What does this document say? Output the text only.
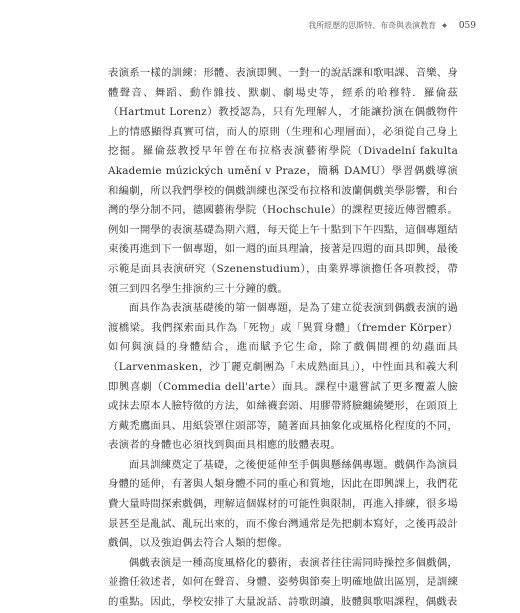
我所經歷的思斯特、布奇與表演教育 ◆ 059

表演系一樣的訓練：形體、表演即興、一對一的說話課和歌唱課、音樂、身體聲音、舞蹈、動作雜技、默劇、劇場史等，經系的哈穆特．羅倫茲（Hartmut Lorenz）教授認為，只有先理解人，才能讓扮演在偶戲物件上的情感顯得真實可信，而人的原則（生理和心理層面），必須從自己身上挖掘。羅倫茲教授早年曾在布拉格表演藝術學院（Divadelní fakulta Akademie múzických umění v Praze，簡稱 DAMU）學習偶戲導演和編劇，所以我們學校的偶戲訓練也深受布拉格和波蘭偶戲美學影響，和台灣的學分制不同，德國藝術學院（Hochschule）的課程更接近傳習體系。例如一開學的表演基礎為期六週，每天從上午十點到下午四點，這個專題結束後再進到下一個專題，如一週的面具理論，接著是四週的面具即興，最後示範是面具表演研究（Szenenstudium），由業界導演擔任各項教授，帶領三到四名學生排演約三十分鐘的戲。

面具作為表演基礎後的第一個專題，是為了建立從表演到偶戲表演的過渡橋梁。我們探索面具作為「死物」或「異質身體」（fremder Körper）如何與演員的身體結合，進而賦予它生命，除了戲偶間裡的幼蟲面具（Larvenmasken，沙丁麗克劇團為「未成熟面具」），中性面具和義大利即興喜劇（Commedia dell'arte）面具。課程中還嘗試了更多覆蓋人臉或抹去原本人臉特徵的方法，如絲襪套頭、用膠帶將臉纏繞變形，在頭頂上方戴禿鷹面具、用紙袋罩住頭部等，隨著面具抽象化或風格化程度的不同，表演者的身體也必須找到與面具相應的肢體表現。

面具訓練奠定了基礎，之後便延伸至手偶與懸絲偶專題。戲偶作為演員身體的延伸，有著與人類身體不同的重心和質地，因此在即興課上，我們花費大量時間探索戲偶，理解這個媒材的可能性與限制，再進入排練，很多場景甚至是亂試、亂玩出來的，而不像台灣通常是先把劇本寫好，之後再設計戲偶，以及強迫偶去符合人類的想像。

偶戲表演是一種高度風格化的藝術，表演者往往需同時操控多個戲偶，並擔任敘述者，如何在聲音、身體、姿勢與節奏上明確地做出區別，是訓練的重點。因此，學校安排了大量說話、詩歌朗讀，肢體與歌唱課程，偶戲表
